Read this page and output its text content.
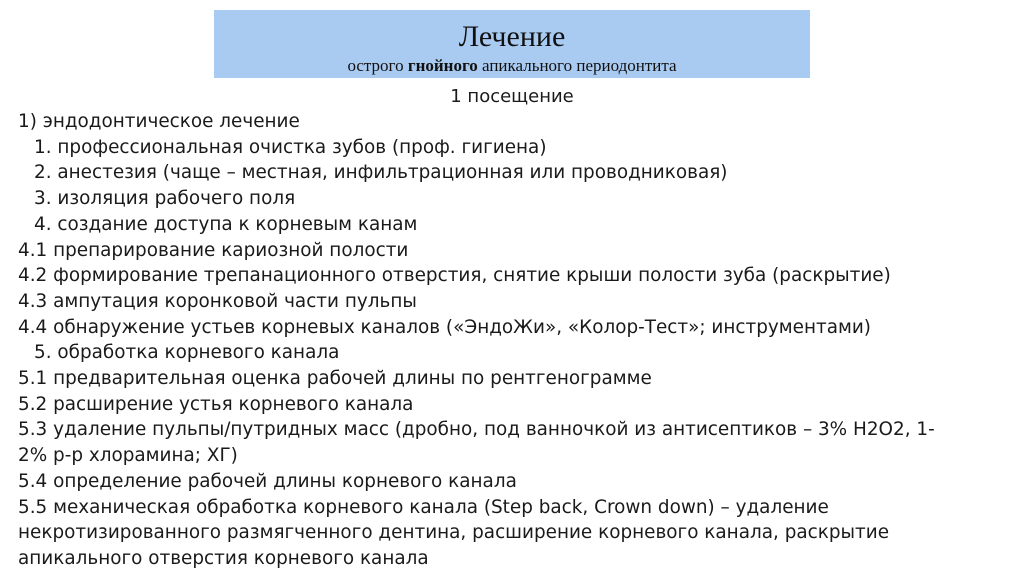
Лечение
острого гнойного апикального периодонтита
1 посещение
1) эндодонтическое лечение
1. профессиональная очистка зубов (проф. гигиена)
2. анестезия (чаще – местная, инфильтрационная или проводниковая)
3. изоляция рабочего поля
4. создание доступа к корневым канам
4.1 препарирование кариозной полости
4.2 формирование трепанационного отверстия, снятие крыши полости зуба (раскрытие)
4.3 ампутация коронковой части пульпы
4.4 обнаружение устьев корневых каналов («ЭндоЖи», «Колор-Тест»; инструментами)
5. обработка корневого канала
5.1 предварительная оценка рабочей длины по рентгенограмме
5.2 расширение устья корневого канала
5.3 удаление пульпы/путридных масс (дробно, под ванночкой из антисептиков – 3% Н2О2, 1-
2% р-р хлорамина; ХГ)
5.4 определение рабочей длины корневого канала
5.5 механическая обработка корневого канала (Step back, Crown down) – удаление
некротизированного размягченного дентина, расширение корневого канала, раскрытие
апикального отверстия корневого канала
